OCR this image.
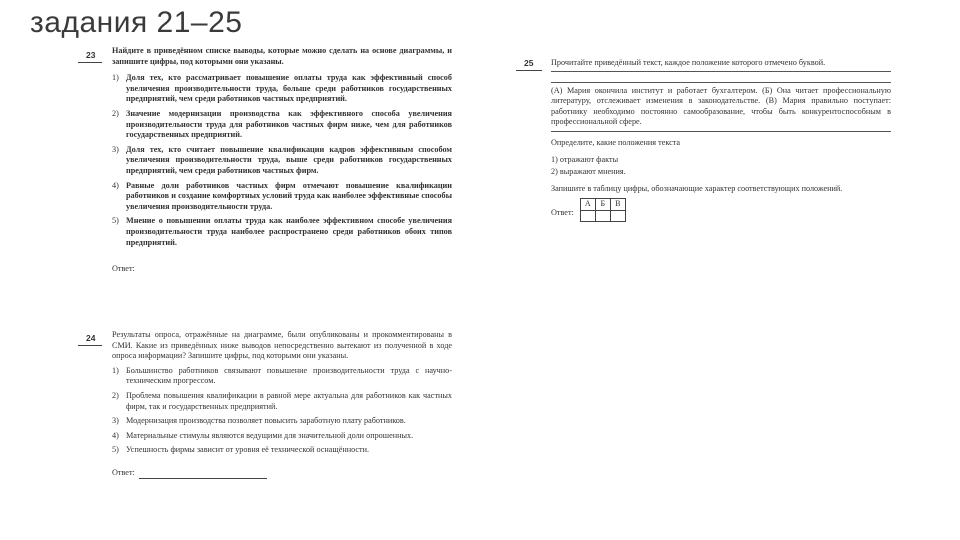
задания 21–25
23 Найдите в приведённом списке выводы, которые можно сделать на основе диаграммы, и запишите цифры, под которыми они указаны.
1) Доля тех, кто рассматривает повышение оплаты труда как эффективный способ увеличения производительности труда, больше среди работников государственных предприятий, чем среди работников частных предприятий.
2) Значение модернизации производства как эффективного способа увеличения производительности труда для работников частных фирм ниже, чем для работников государственных предприятий.
3) Доля тех, кто считает повышение квалификации кадров эффективным способом увеличения производительности труда, выше среди работников государственных предприятий, чем среди работников частных фирм.
4) Равные доли работников частных фирм отмечают повышение квалификации работников и создание комфортных условий труда как наиболее эффективные способы увеличения производительности труда.
5) Мнение о повышении оплаты труда как наиболее эффективном способе увеличения производительности труда наиболее распространено среди работников обоих типов предприятий.
Ответ:
24 Результаты опроса, отражённые на диаграмме, были опубликованы и прокомментированы в СМИ. Какие из приведённых ниже выводов непосредственно вытекают из полученной в ходе опроса информации? Запишите цифры, под которыми они указаны.
1) Большинство работников связывают повышение производительности труда с научно-техническим прогрессом.
2) Проблема повышения квалификации в равной мере актуальна для работников как частных фирм, так и государственных предприятий.
3) Модернизация производства позволяет повысить заработную плату работников.
4) Материальные стимулы являются ведущими для значительной доли опрошенных.
5) Успешность фирмы зависит от уровня её технической оснащённости.
Ответ:
25 Прочитайте приведённый текст, каждое положение которого отмечено буквой.
(А) Мария окончила институт и работает бухгалтером. (Б) Она читает профессиональную литературу, отслеживает изменения в законодательстве. (В) Мария правильно поступает: работнику необходимо постоянно самообразование, чтобы быть конкурентоспособным в профессиональной сфере.
Определите, какие положения текста
1) отражают факты
2) выражают мнения.
Запишите в таблицу цифры, обозначающие характер соответствующих положений.
Ответ:
А	Б	В
